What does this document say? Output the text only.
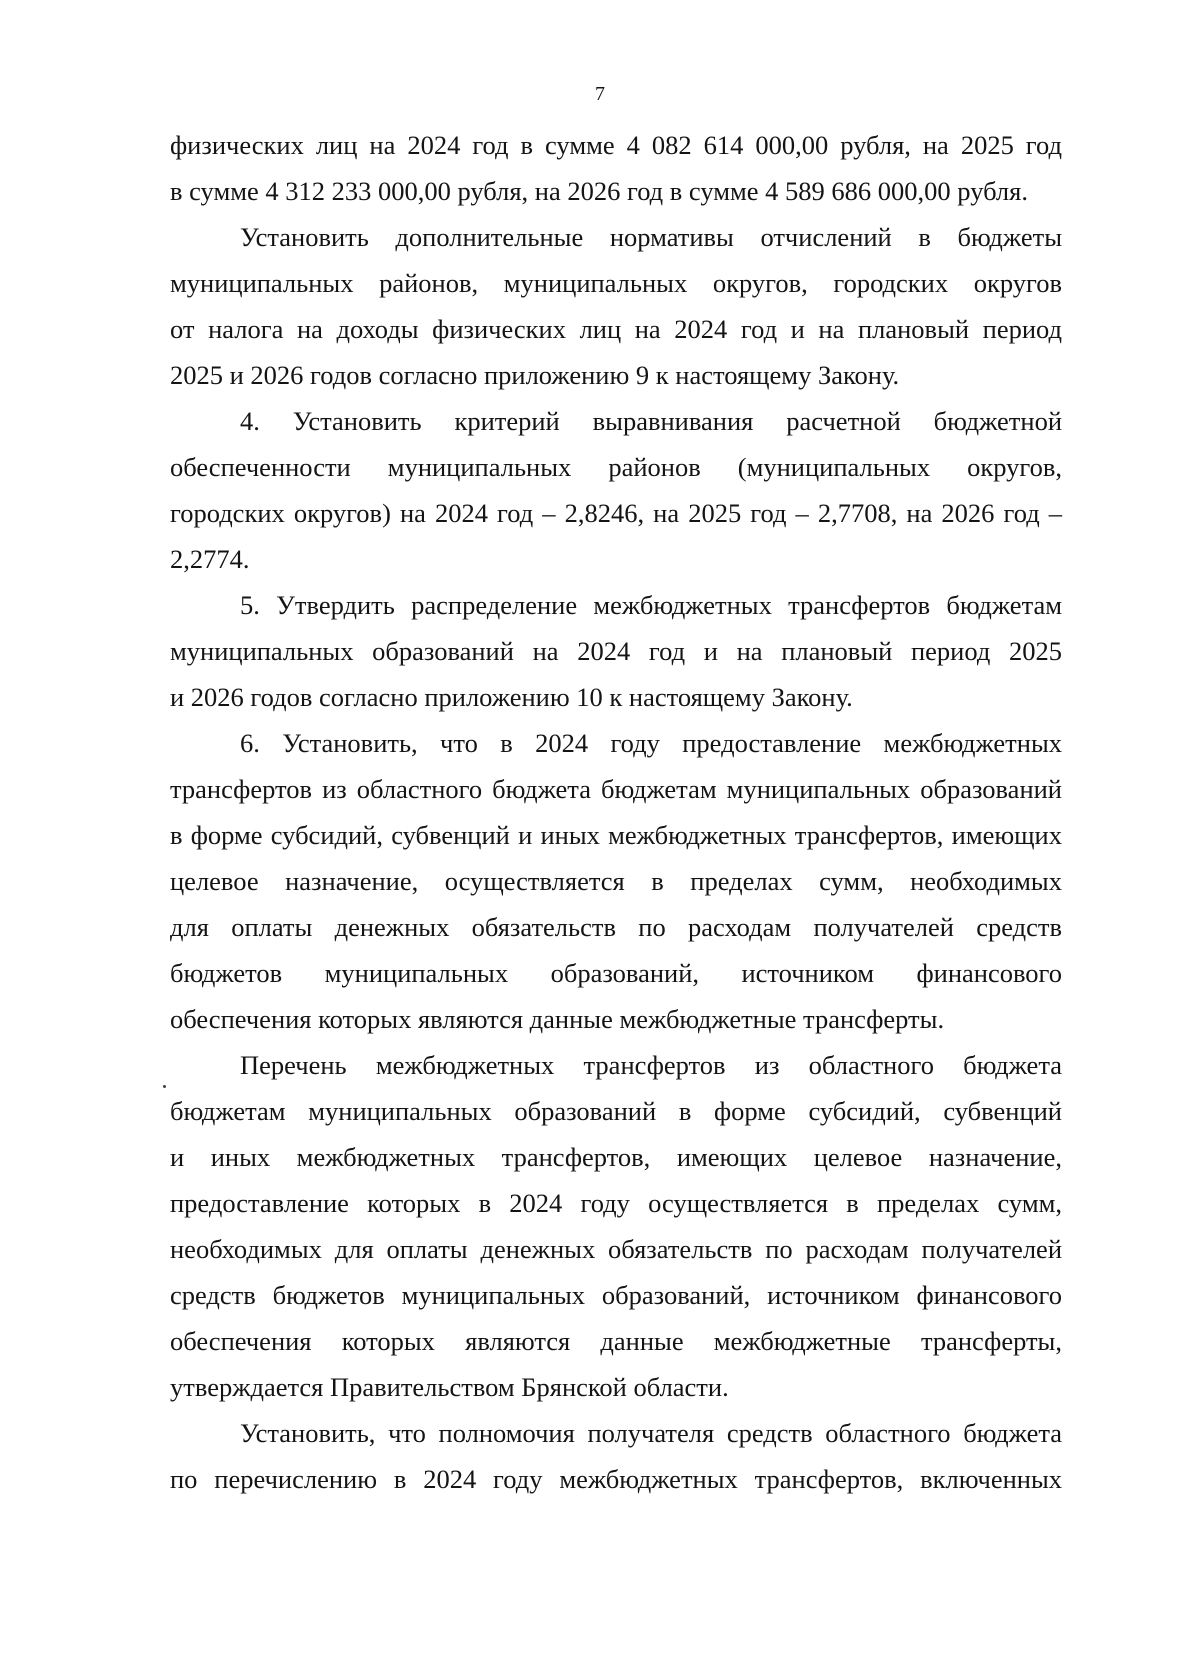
7
физических лиц на 2024 год в сумме 4 082 614 000,00 рубля, на 2025 год
в сумме 4 312 233 000,00 рубля, на 2026 год в сумме 4 589 686 000,00 рубля.
Установить дополнительные нормативы отчислений в бюджеты
муниципальных районов, муниципальных округов, городских округов
от налога на доходы физических лиц на 2024 год и на плановый период
2025 и 2026 годов согласно приложению 9 к настоящему Закону.
4. Установить критерий выравнивания расчетной бюджетной
обеспеченности муниципальных районов (муниципальных округов,
городских округов) на 2024 год – 2,8246, на 2025 год – 2,7708, на 2026 год –
2,2774.
5. Утвердить распределение межбюджетных трансфертов бюджетам
муниципальных образований на 2024 год и на плановый период 2025
и 2026 годов согласно приложению 10 к настоящему Закону.
6. Установить, что в 2024 году предоставление межбюджетных
трансфертов из областного бюджета бюджетам муниципальных образований
в форме субсидий, субвенций и иных межбюджетных трансфертов, имеющих
целевое назначение, осуществляется в пределах сумм, необходимых
для оплаты денежных обязательств по расходам получателей средств
бюджетов муниципальных образований, источником финансового
обеспечения которых являются данные межбюджетные трансферты.
Перечень межбюджетных трансфертов из областного бюджета
бюджетам муниципальных образований в форме субсидий, субвенций
и иных межбюджетных трансфертов, имеющих целевое назначение,
предоставление которых в 2024 году осуществляется в пределах сумм,
необходимых для оплаты денежных обязательств по расходам получателей
средств бюджетов муниципальных образований, источником финансового
обеспечения которых являются данные межбюджетные трансферты,
утверждается Правительством Брянской области.
Установить, что полномочия получателя средств областного бюджета
по перечислению в 2024 году межбюджетных трансфертов, включенных
